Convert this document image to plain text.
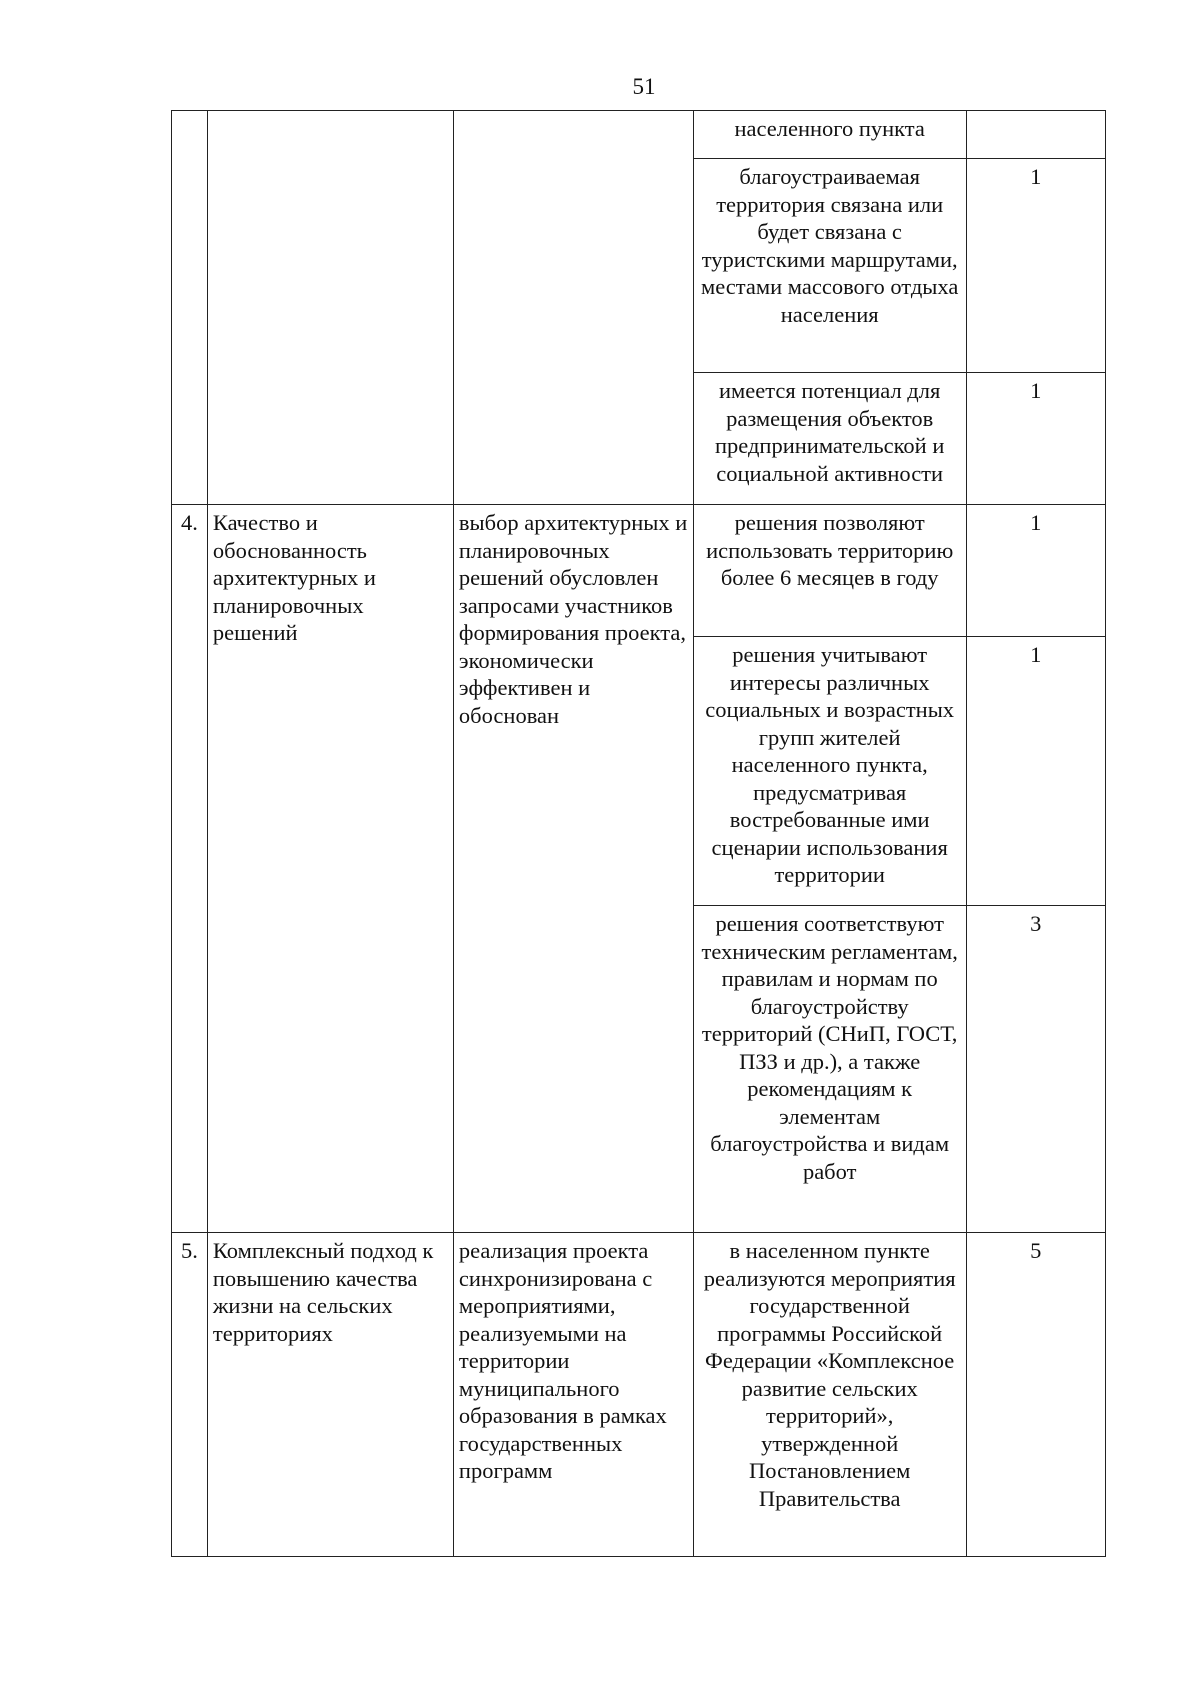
51
			населенного пункта	
			благоустраиваемая территория связана или будет связана с туристскими маршрутами, местами массового отдыха населения	1
			имеется потенциал для размещения объектов предпринимательской и социальной активности	1
4.	Качество и обоснованность архитектурных и планировочных решений	выбор архитектурных и планировочных решений обусловлен запросами участников формирования проекта, экономически эффективен и обоснован	решения позволяют использовать территорию более 6 месяцев в году	1
			решения учитывают интересы различных социальных и возрастных групп жителей населенного пункта, предусматривая востребованные ими сценарии использования территории	1
			решения соответствуют техническим регламентам, правилам и нормам по благоустройству территорий (СНиП, ГОСТ, ПЗЗ и др.), а также рекомендациям к элементам благоустройства и видам работ	3
5.	Комплексный подход к повышению качества жизни на сельских территориях	реализация проекта синхронизирована с мероприятиями, реализуемыми на территории муниципального образования в рамках государственных программ	в населенном пункте реализуются мероприятия государственной программы Российской Федерации «Комплексное развитие сельских территорий», утвержденной Постановлением Правительства	5
